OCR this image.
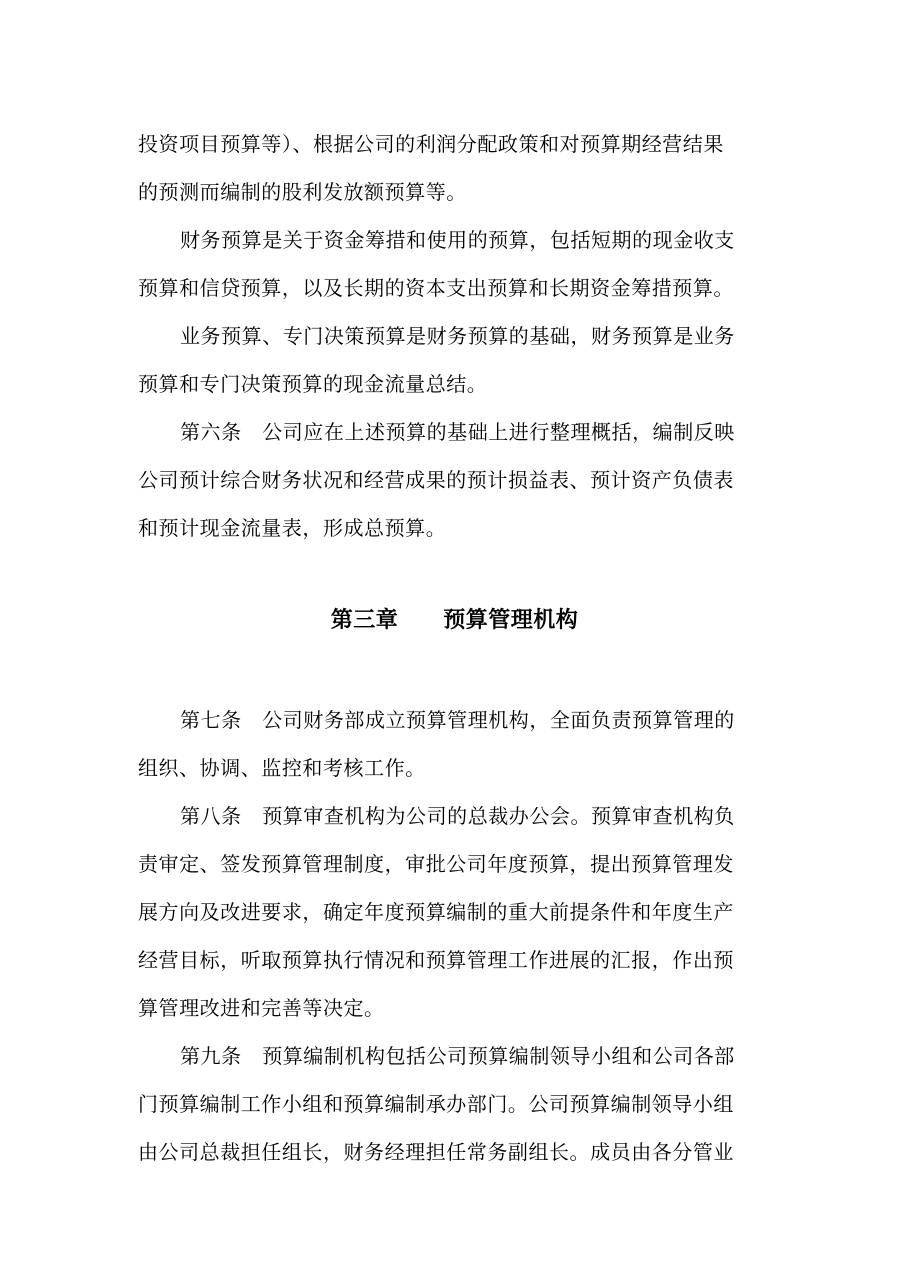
投资项目预算等）、根据公司的利润分配政策和对预算期经营结果
的预测而编制的股利发放额预算等。
财务预算是关于资金筹措和使用的预算，包括短期的现金收支
预算和信贷预算，以及长期的资本支出预算和长期资金筹措预算。
业务预算、专门决策预算是财务预算的基础，财务预算是业务
预算和专门决策预算的现金流量总结。
第六条　公司应在上述预算的基础上进行整理概括，编制反映
公司预计综合财务状况和经营成果的预计损益表、预计资产负债表
和预计现金流量表，形成总预算。
第三章　　预算管理机构
第七条　公司财务部成立预算管理机构，全面负责预算管理的
组织、协调、监控和考核工作。
第八条　预算审查机构为公司的总裁办公会。预算审查机构负
责审定、签发预算管理制度，审批公司年度预算，提出预算管理发
展方向及改进要求，确定年度预算编制的重大前提条件和年度生产
经营目标，听取预算执行情况和预算管理工作进展的汇报，作出预
算管理改进和完善等决定。
第九条　预算编制机构包括公司预算编制领导小组和公司各部
门预算编制工作小组和预算编制承办部门。公司预算编制领导小组
由公司总裁担任组长，财务经理担任常务副组长。成员由各分管业
